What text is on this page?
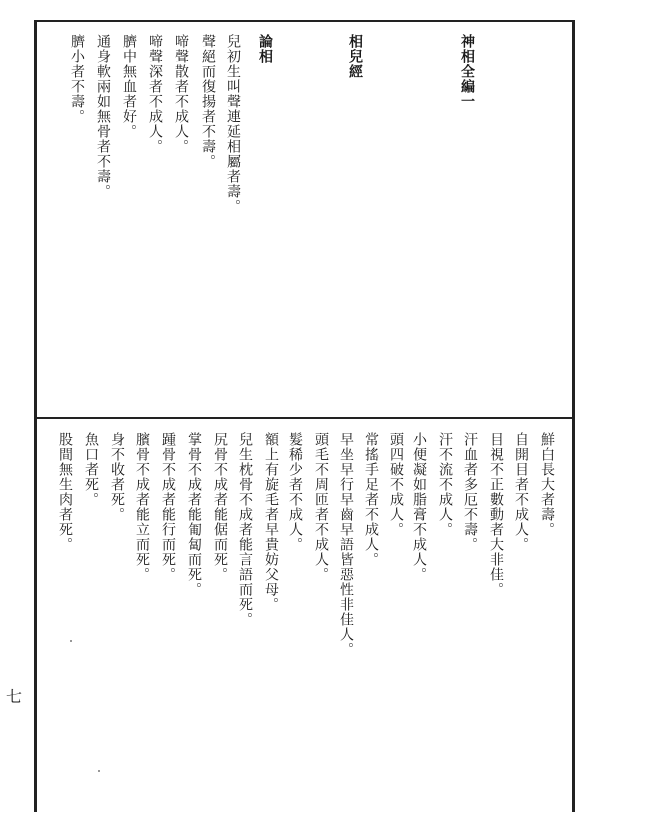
神相全編一
相兒經
論相
兒初生叫聲連延相屬者壽。
聲絕而復揚者不壽。
啼聲散者不成人。
啼聲深者不成人。
臍中無血者好。
通身軟兩如無骨者不壽。
臍小者不壽。
鮮白長大者壽。
自開目者不成人。
目視不正數動者大非佳。
汗血者多厄不壽。
汗不流不成人。
小便凝如脂膏不成人。
頭四破不成人。
常搖手足者不成人。
早坐早行早齒早語皆惡性非佳人。
頭毛不周匝者不成人。
髮稀少者不成人。
額上有旋毛者早貴妨父母。
兒生枕骨不成者能言語而死。
尻骨不成者能倨而死。
掌骨不成者能匍匐而死。
踵骨不成者能行而死。
臏骨不成者能立而死。
身不收者死。
魚口者死。
股間無生肉者死。
七
